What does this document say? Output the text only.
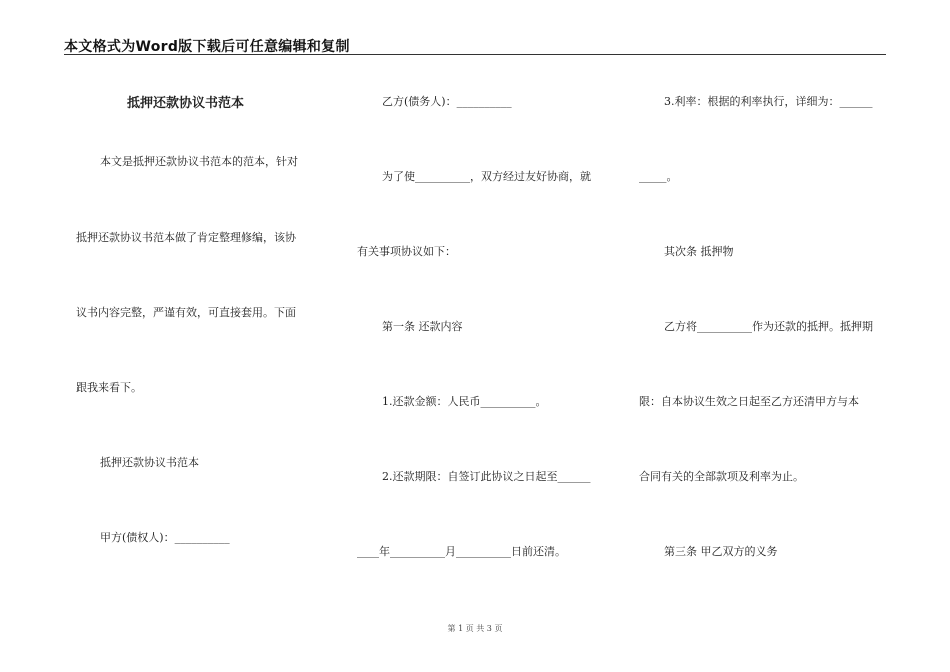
本文格式为Word版下载后可任意编辑和复制
抵押还款协议书范本
本文是抵押还款协议书范本的范本，针对
抵押还款协议书范本做了肯定整理修编，该协
议书内容完整，严谨有效，可直接套用。下面
跟我来看下。
抵押还款协议书范本
甲方(债权人)：__________
乙方(债务人)：__________
为了使__________，双方经过友好协商，就
有关事项协议如下：
第一条 还款内容
1.还款金额：人民币__________。
2.还款期限：自签订此协议之日起至______
____年__________月__________日前还清。
3.利率：根据的利率执行，详细为：______
_____。
其次条 抵押物
乙方将__________作为还款的抵押。抵押期
限：自本协议生效之日起至乙方还清甲方与本
合同有关的全部款项及利率为止。
第三条 甲乙双方的义务
第 1 页 共 3 页
